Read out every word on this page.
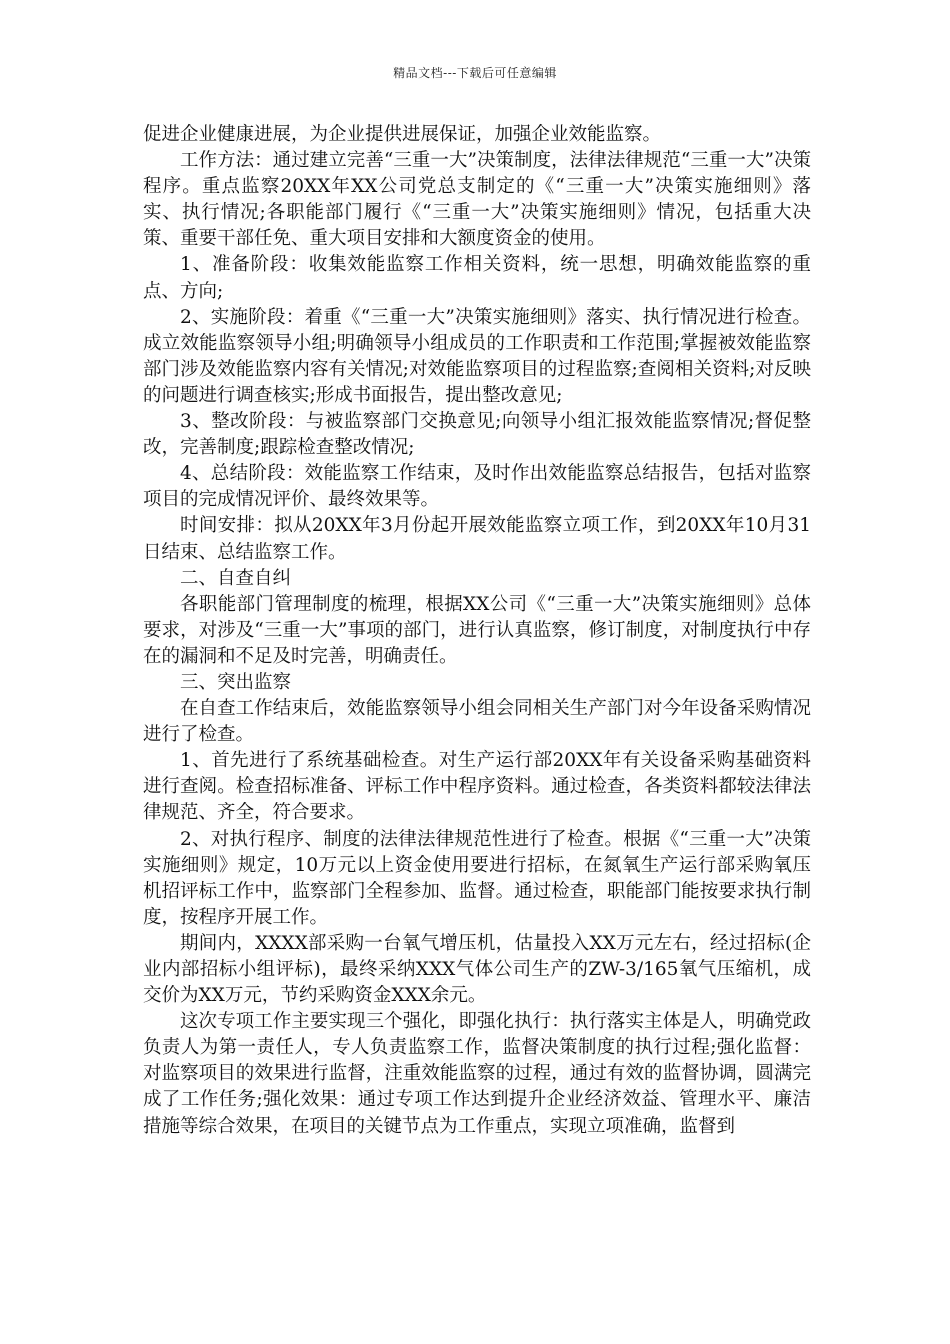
精品文档---下载后可任意编辑

促进企业健康进展，为企业提供进展保证，加强企业效能监察。

工作方法：通过建立完善“三重一大”决策制度，法律法律规范“三重一大”决策程序。重点监察20XX年XX公司党总支制定的《“三重一大”决策实施细则》落实、执行情况;各职能部门履行《“三重一大”决策实施细则》情况，包括重大决策、重要干部任免、重大项目安排和大额度资金的使用。

1、准备阶段：收集效能监察工作相关资料，统一思想，明确效能监察的重点、方向;

2、实施阶段：着重《“三重一大”决策实施细则》落实、执行情况进行检查。成立效能监察领导小组;明确领导小组成员的工作职责和工作范围;掌握被效能监察部门涉及效能监察内容有关情况;对效能监察项目的过程监察;查阅相关资料;对反映的问题进行调查核实;形成书面报告，提出整改意见;

3、整改阶段：与被监察部门交换意见;向领导小组汇报效能监察情况;督促整改，完善制度;跟踪检查整改情况;

4、总结阶段：效能监察工作结束，及时作出效能监察总结报告，包括对监察项目的完成情况评价、最终效果等。

时间安排：拟从20XX年3月份起开展效能监察立项工作，到20XX年10月31日结束、总结监察工作。

二、自查自纠

各职能部门管理制度的梳理，根据XX公司《“三重一大”决策实施细则》总体要求，对涉及“三重一大”事项的部门，进行认真监察，修订制度，对制度执行中存在的漏洞和不足及时完善，明确责任。

三、突出监察

在自查工作结束后，效能监察领导小组会同相关生产部门对今年设备采购情况进行了检查。

1、首先进行了系统基础检查。对生产运行部20XX年有关设备采购基础资料进行查阅。检查招标准备、评标工作中程序资料。通过检查，各类资料都较法律法律规范、齐全，符合要求。

2、对执行程序、制度的法律法律规范性进行了检查。根据《“三重一大”决策实施细则》规定，10万元以上资金使用要进行招标，在氮氧生产运行部采购氧压机招评标工作中，监察部门全程参加、监督。通过检查，职能部门能按要求执行制度，按程序开展工作。

期间内，XXXX部采购一台氧气增压机，估量投入XX万元左右，经过招标(企业内部招标小组评标)，最终采纳XXX气体公司生产的ZW-3/165氧气压缩机，成交价为XX万元，节约采购资金XXX余元。

这次专项工作主要实现三个强化，即强化执行：执行落实主体是人，明确党政负责人为第一责任人，专人负责监察工作，监督决策制度的执行过程;强化监督：对监察项目的效果进行监督，注重效能监察的过程，通过有效的监督协调，圆满完成了工作任务;强化效果：通过专项工作达到提升企业经济效益、管理水平、廉洁措施等综合效果，在项目的关键节点为工作重点，实现立项准确，监督到
